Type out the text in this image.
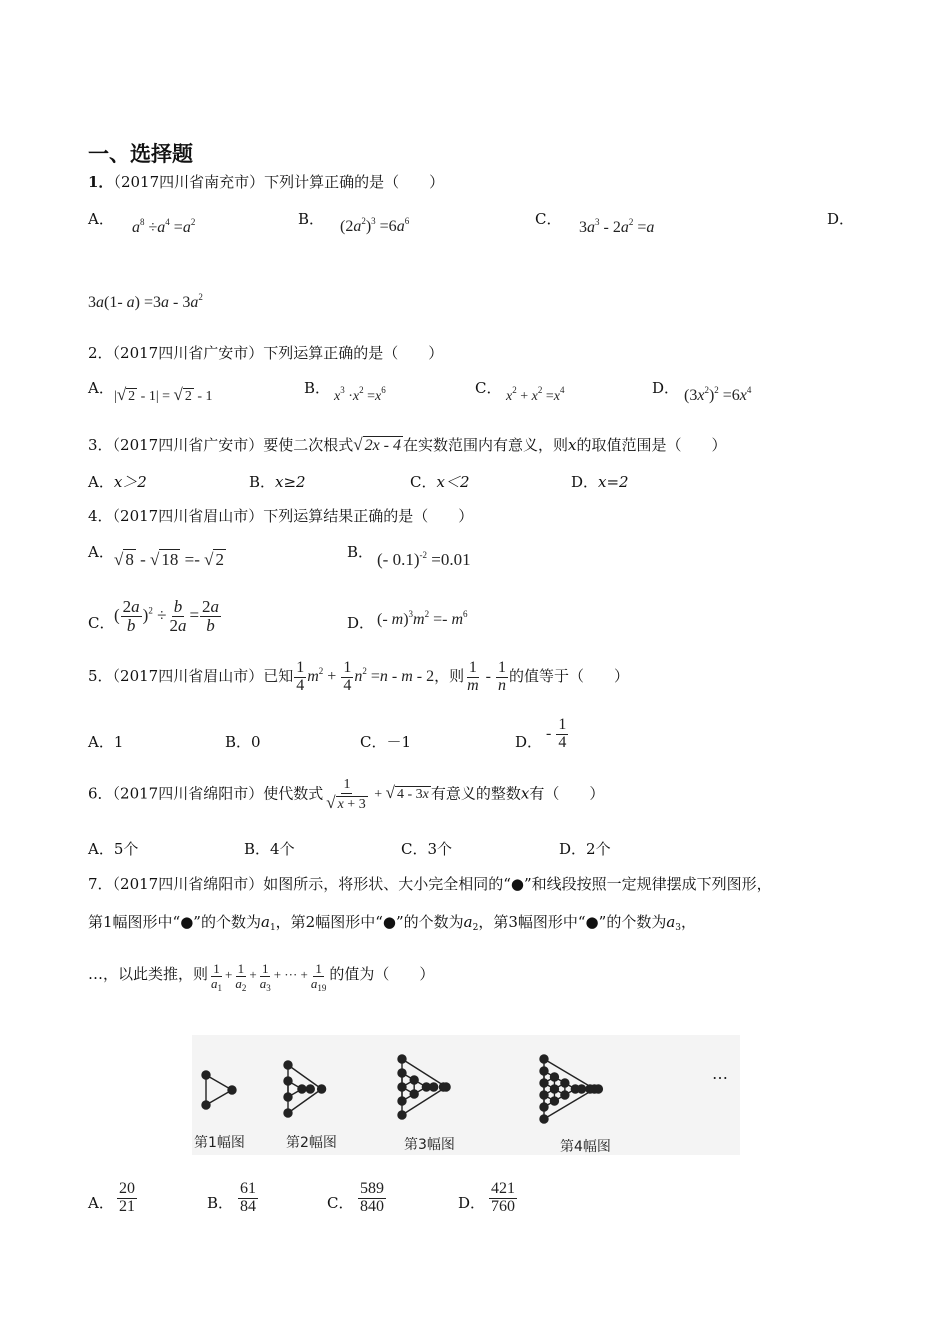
一、选择题
1．（2017四川省南充市）下列计算正确的是（　　）
A． $a^8 \div a^4 =a^2$	B． $(2a^2)^3 =6a^6$	C． $3a^3 - 2a^2 =a$	D．
3a(1- $a) =3a - 3a^2$
2．（2017四川省广安市）下列运算正确的是（　　）
A． |√ 2 - 1| = √ 2 - 1	B． $x^3 \cdot x^2 =x^6$	C． $x^2 + x^2 =x^4$	D． $(3x^2)^2 =6x^4$
3．（2017四川省广安市）要使二次根式√ 2x - 4 在实数范围内有意义，则x的取值范围是（　　）
A．x＞2	B．x≥2	C．x＜2	D．x=2
4．（2017四川省眉山市）下列运算结果正确的是（　　）
A． √ 8 - √ 18 =- √ 2	B． (- 0.1)$^{-2}$ =0.01
C． ( $\frac{2a}{b} )^2 \div \frac{b}{2a} = \frac{2a}{b}$	D． (- $m)^3m^2 =- m^6$
5．（2017四川省眉山市）已知 $\frac{1}{4} m^2 + \frac{1}{4} n^2 =n - m - 2$，则 $\frac{1}{m} - \frac{1}{n}$ 的值等于（　　）
A．1	B．0	C．－1	D． - $\frac{1}{4}$
6．（2017四川省绵阳市）使代数式 $\frac{1}{√ x + 3}$ + √ 4 - 3x 有意义的整数x有（　　）
A．5个	B．4个	C．3个	D．2个
7．（2017四川省绵阳市）如图所示，将形状、大小完全相同的“●”和线段按照一定规律摆成下列图形，
第1幅图形中“●”的个数为$a_1$，第2幅图形中“●”的个数为$a_2$，第3幅图形中“●”的个数为$a_3$，
…，以此类推，则 $\frac{1}{a_1} + \frac{1}{a_2} + \frac{1}{a_3}$ + ··· + $\frac{1}{a_{19}}$ 的值为（　　）
第1幅图	第2幅图	第3幅图	第4幅图
…
A． $\frac{20}{21}$	B． $\frac{61}{84}$	C． $\frac{589}{840}$	D． $\frac{421}{760}$
